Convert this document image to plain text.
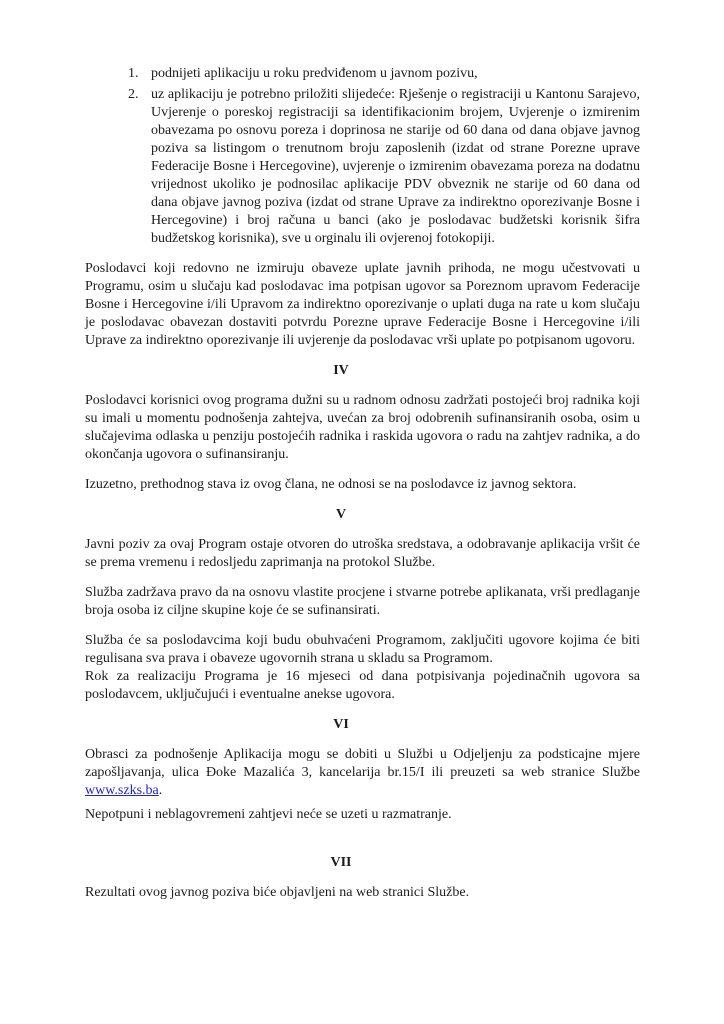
1. podnijeti aplikaciju u roku predviđenom u javnom pozivu,
2. uz aplikaciju je potrebno priložiti slijedeće: Rješenje o registraciji u Kantonu Sarajevo, Uvjerenje o poreskoj registraciji sa identifikacionim brojem, Uvjerenje o izmirenim obavezama po osnovu poreza i doprinosa ne starije od 60 dana od dana objave javnog poziva sa listingom o trenutnom broju zaposlenih (izdat od strane Porezne uprave Federacije Bosne i Hercegovine), uvjerenje o izmirenim obavezama poreza na dodatnu vrijednost ukoliko je podnosilac aplikacije PDV obveznik ne starije od 60 dana od dana objave javnog poziva (izdat od strane Uprave za indirektno oporezivanje Bosne i Hercegovine) i broj računa u banci (ako je poslodavac budžetski korisnik šifra budžetskog korisnika), sve u orginalu ili ovjerenoj fotokopiji.

Poslodavci koji redovno ne izmiruju obaveze uplate javnih prihoda, ne mogu učestvovati u Programu, osim u slučaju kad poslodavac ima potpisan ugovor sa Poreznom upravom Federacije Bosne i Hercegovine i/ili Upravom za indirektno oporezivanje o uplati duga na rate u kom slučaju je poslodavac obavezan dostaviti potvrdu Porezne uprave Federacije Bosne i Hercegovine i/ili Uprave za indirektno oporezivanje ili uvjerenje da poslodavac vrši uplate po potpisanom ugovoru.

IV

Poslodavci korisnici ovog programa dužni su u radnom odnosu zadržati postojeći broj radnika koji su imali u momentu podnošenja zahtejva, uvećan za broj odobrenih sufinansiranih osoba, osim u slučajevima odlaska u penziju postojećih radnika i raskida ugovora o radu na zahtjev radnika, a do okončanja ugovora o sufinansiranju.

Izuzetno, prethodnog stava iz ovog člana, ne odnosi se na poslodavce iz javnog sektora.

V

Javni poziv za ovaj Program ostaje otvoren do utroška sredstava, a odobravanje aplikacija vršit će se prema vremenu i redosljedu zaprimanja na protokol Službe.

Služba zadržava pravo da na osnovu vlastite procjene i stvarne potrebe aplikanata, vrši predlaganje broja osoba iz ciljne skupine koje će se sufinansirati.

Služba će sa poslodavcima koji budu obuhvaćeni Programom, zaključiti ugovore kojima će biti regulisana sva prava i obaveze ugovornih strana u skladu sa Programom.

Rok za realizaciju Programa je 16 mjeseci od dana potpisivanja pojedinačnih ugovora sa poslodavcem, uključujući i eventualne anekse ugovora.

VI

Obrasci za podnošenje Aplikacija mogu se dobiti u Službi u Odjeljenju za podsticajne mjere zapošljavanja, ulica Đoke Mazalića 3, kancelarija br.15/I ili preuzeti sa web stranice Službe www.szks.ba.

Nepotpuni i neblagovremeni zahtjevi neće se uzeti u razmatranje.

VII

Rezultati ovog javnog poziva biće objavljeni na web stranici Službe.
